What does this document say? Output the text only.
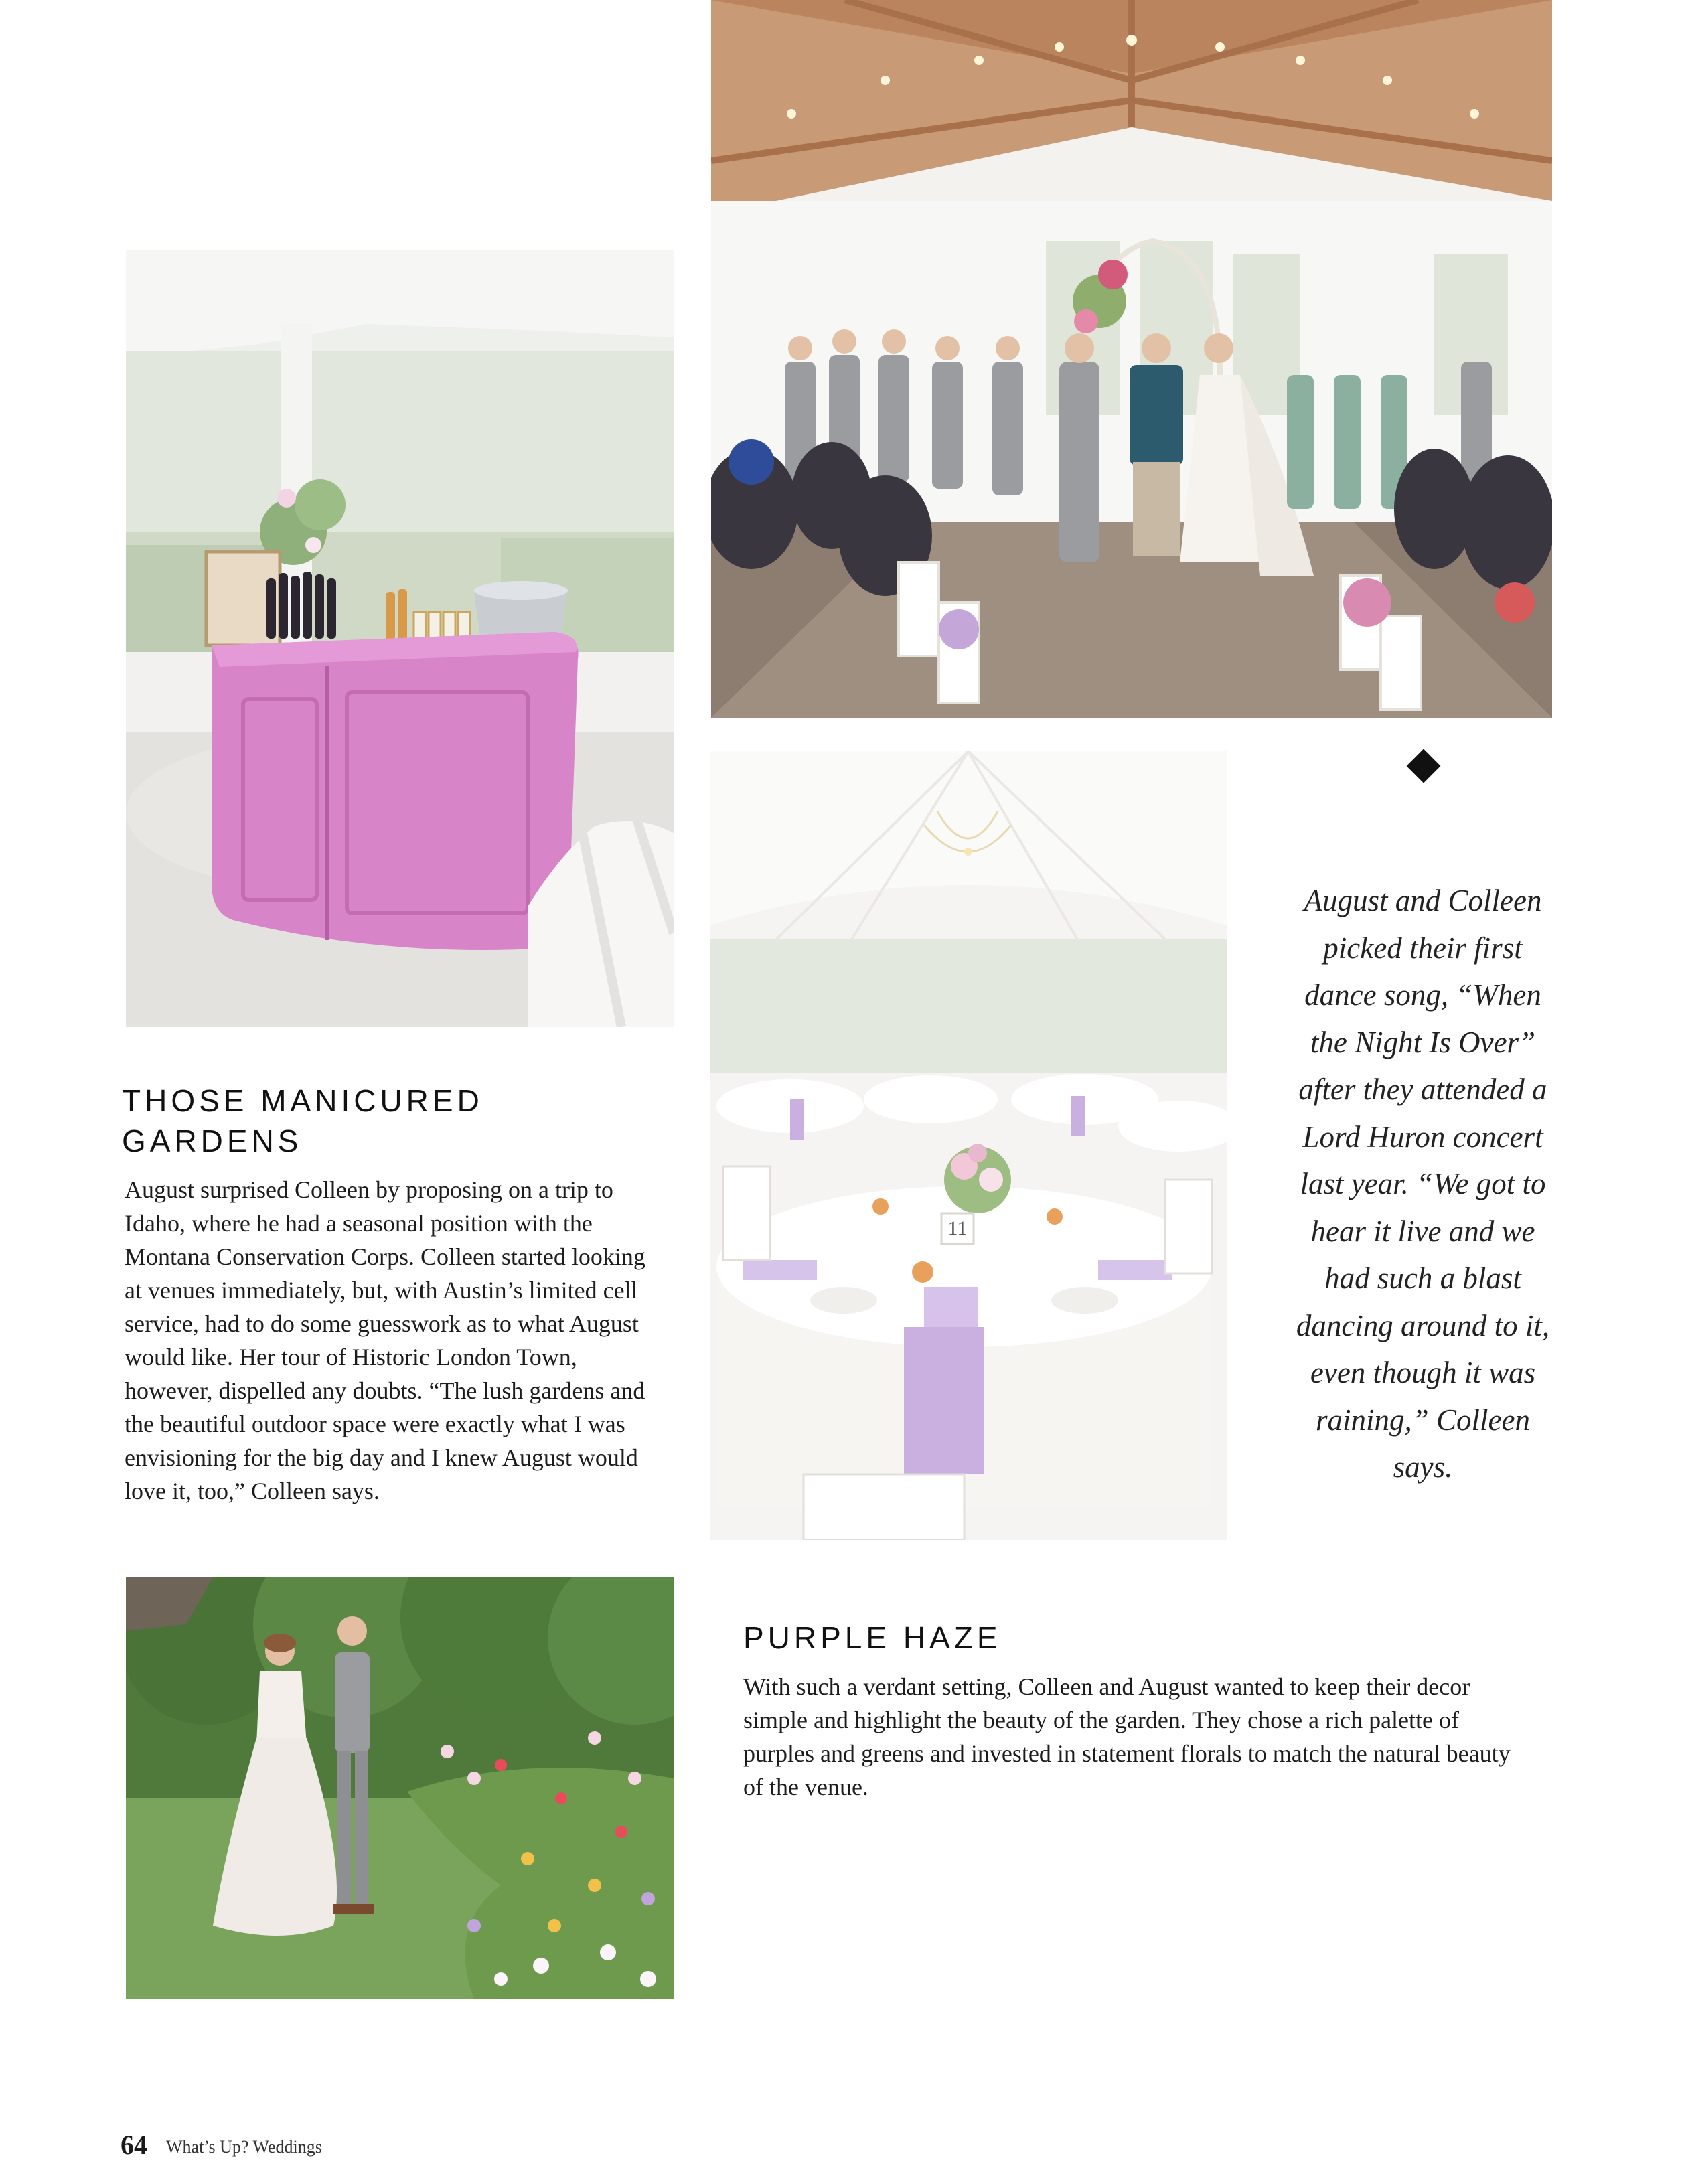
11
THOSE MANICURED GARDENS

August surprised Colleen by proposing on a trip to Idaho, where he had a seasonal position with the Montana Conservation Corps. Colleen started looking at venues immediately, but, with Austin’s limited cell service, had to do some guesswork as to what August would like. Her tour of Historic London Town, however, dispelled any doubts. “The lush gardens and the beautiful outdoor space were exactly what I was envisioning for the big day and I knew August would love it, too,” Colleen says.

August and Colleen picked their first dance song, “When the Night Is Over” after they attended a Lord Huron concert last year. “We got to hear it live and we had such a blast dancing around to it, even though it was raining,” Colleen says.

PURPLE HAZE

With such a verdant setting, Colleen and August wanted to keep their decor simple and highlight the beauty of the garden. They chose a rich palette of purples and greens and invested in statement florals to match the natural beauty of the venue.

64 What’s Up? Weddings
